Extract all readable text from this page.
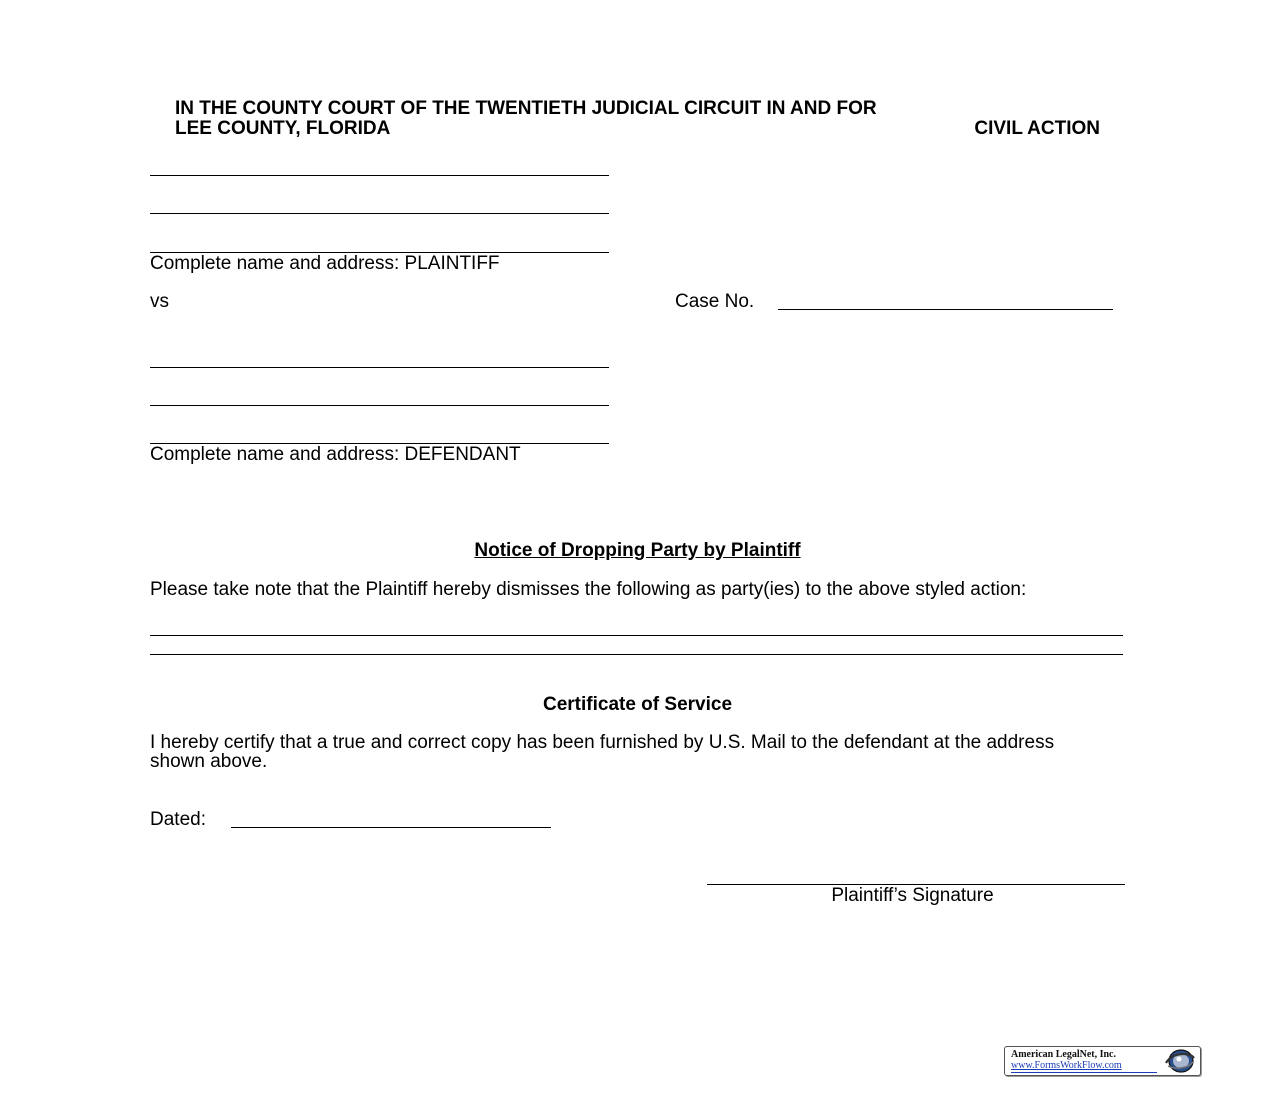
IN THE COUNTY COURT OF THE TWENTIETH JUDICIAL CIRCUIT IN AND FOR
LEE COUNTY, FLORIDA	CIVIL ACTION
Complete name and address: PLAINTIFF
vs	Case No.
Complete name and address: DEFENDANT
Notice of Dropping Party by Plaintiff
Please take note that the Plaintiff hereby dismisses the following as party(ies) to the above styled action:
Certificate of Service
I hereby certify that a true and correct copy has been furnished by U.S. Mail to the defendant at the address shown above.
Dated:
Plaintiff’s Signature
American LegalNet, Inc.
www.FormsWorkFlow.com
